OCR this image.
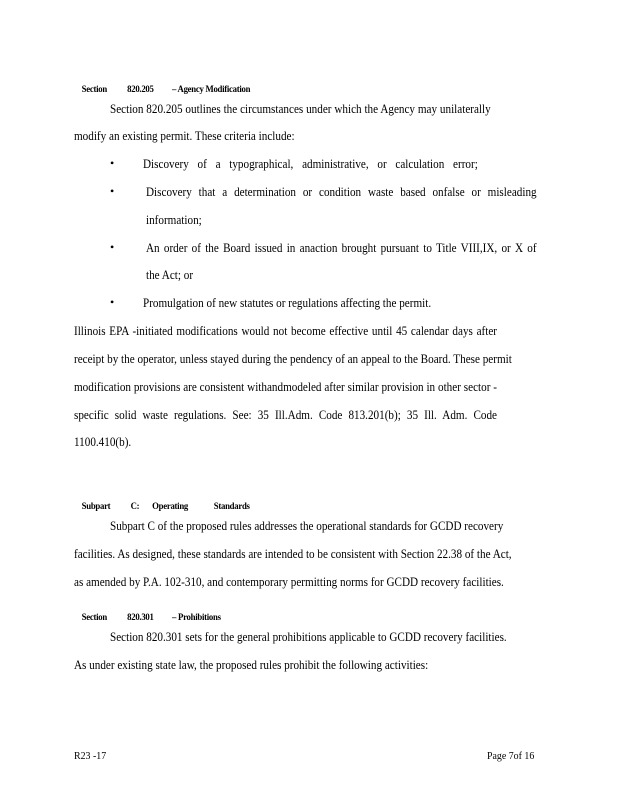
Section 820.205 – Agency Modification

Section 820.205 outlines the circumstances under which the Agency may unilaterally
modify an existing permit. These criteria include:
• Discovery of a typographical, administrative, or calculation error;
•	Discovery that a determination or condition waste based onfalse or misleading
information;
•	An order of the Board issued in anaction brought pursuant to Title VIII,IX, or X of
the Act; or
• Promulgation of new statutes or regulations affecting the permit.
Illinois EPA -initiated modifications would not become effective until 45 calendar days after
receipt by the operator, unless stayed during the pendency of an appeal to the Board. These permit
modification provisions are consistent withandmodeled after similar provision in other sector -
specific solid waste regulations. See: 35 Ill.Adm. Code 813.201(b); 35 Ill. Adm. Code
1100.410(b).

Subpart C: Operating	Standards

Subpart C of the proposed rules addresses the operational standards for GCDD recovery
facilities. As designed, these standards are intended to be consistent with Section 22.38 of the Act,
as amended by P.A. 102-310, and contemporary permitting norms for GCDD recovery facilities.

Section 820.301 – Prohibitions

Section 820.301 sets for the general prohibitions applicable to GCDD recovery facilities.
As under existing state law, the proposed rules prohibit the following activities:
R23 -17	Page 7of 16
